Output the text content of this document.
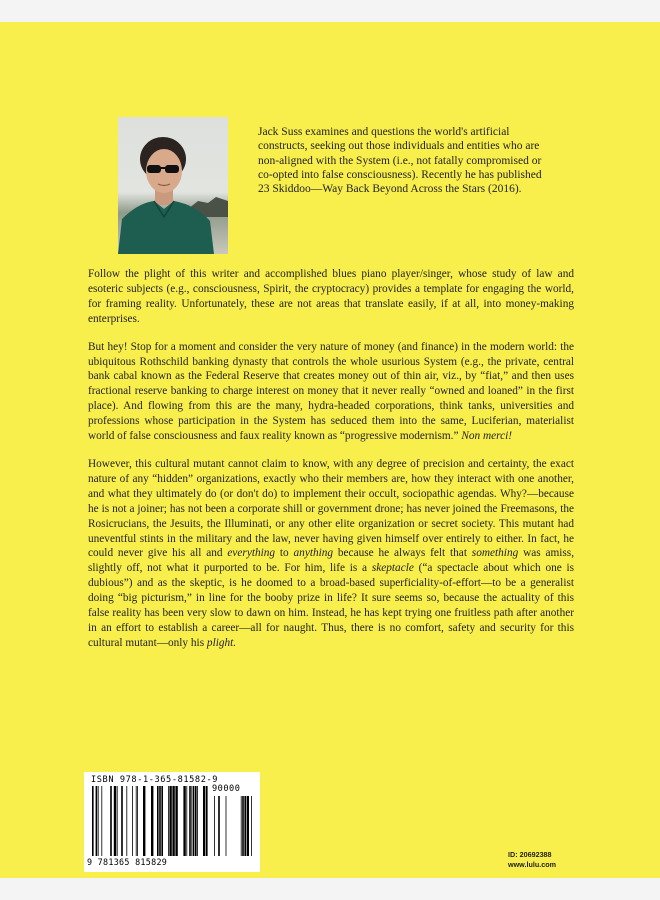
Jack Suss examines and questions the world's artificial constructs, seeking out those individuals and entities who are non-aligned with the System (i.e., not fatally compromised or co-opted into false consciousness). Recently he has published 23 Skiddoo—Way Back Beyond Across the Stars (2016).

Follow the plight of this writer and accomplished blues piano player/singer, whose study of law and esoteric subjects (e.g., consciousness, Spirit, the cryptocracy) provides a template for engaging the world, for framing reality. Unfortunately, these are not areas that translate easily, if at all, into money-making enterprises.

But hey! Stop for a moment and consider the very nature of money (and finance) in the modern world: the ubiquitous Rothschild banking dynasty that controls the whole usurious System (e.g., the private, central bank cabal known as the Federal Reserve that creates money out of thin air, viz., by “fiat,” and then uses fractional reserve banking to charge interest on money that it never really “owned and loaned” in the first place). And flowing from this are the many, hydra-headed corporations, think tanks, universities and professions whose participation in the System has seduced them into the same, Luciferian, materialist world of false consciousness and faux reality known as “progressive modernism.” Non merci!

However, this cultural mutant cannot claim to know, with any degree of precision and certainty, the exact nature of any “hidden” organizations, exactly who their members are, how they interact with one another, and what they ultimately do (or don't do) to implement their occult, sociopathic agendas. Why?—because he is not a joiner; has not been a corporate shill or government drone; has never joined the Freemasons, the Rosicrucians, the Jesuits, the Illuminati, or any other elite organization or secret society. This mutant had uneventful stints in the military and the law, never having given himself over entirely to either. In fact, he could never give his all and everything to anything because he always felt that something was amiss, slightly off, not what it purported to be. For him, life is a skeptacle (“a spectacle about which one is dubious”) and as the skeptic, is he doomed to a broad-based superficiality-of-effort—to be a generalist doing “big picturism,” in line for the booby prize in life? It sure seems so, because the actuality of this false reality has been very slow to dawn on him. Instead, he has kept trying one fruitless path after another in an effort to establish a career—all for naught. Thus, there is no comfort, safety and security for this cultural mutant—only his plight.

ISBN 978-1-365-81582-9
90000
9 781365 815829
ID: 20692388
www.lulu.com
